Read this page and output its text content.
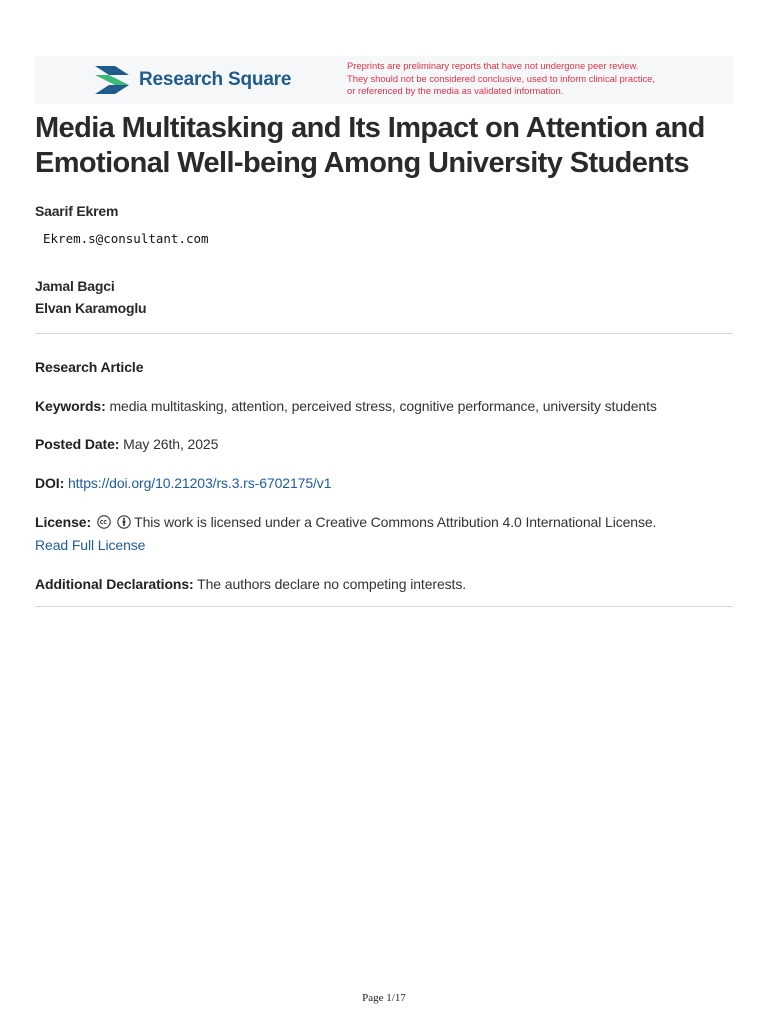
Research Square
Preprints are preliminary reports that have not undergone peer review.
They should not be considered conclusive, used to inform clinical practice,
or referenced by the media as validated information.
Media Multitasking and Its Impact on Attention and
Emotional Well-being Among University Students
Saarif Ekrem
Ekrem.s@consultant.com
Jamal Bagci
Elvan Karamoglu
Research Article
Keywords: media multitasking, attention, perceived stress, cognitive performance, university students
Posted Date: May 26th, 2025
DOI: https://doi.org/10.21203/rs.3.rs-6702175/v1
License:	This work is licensed under a Creative Commons Attribution 4.0 International License.
Read Full License
Additional Declarations: The authors declare no competing interests.
Page 1/17
